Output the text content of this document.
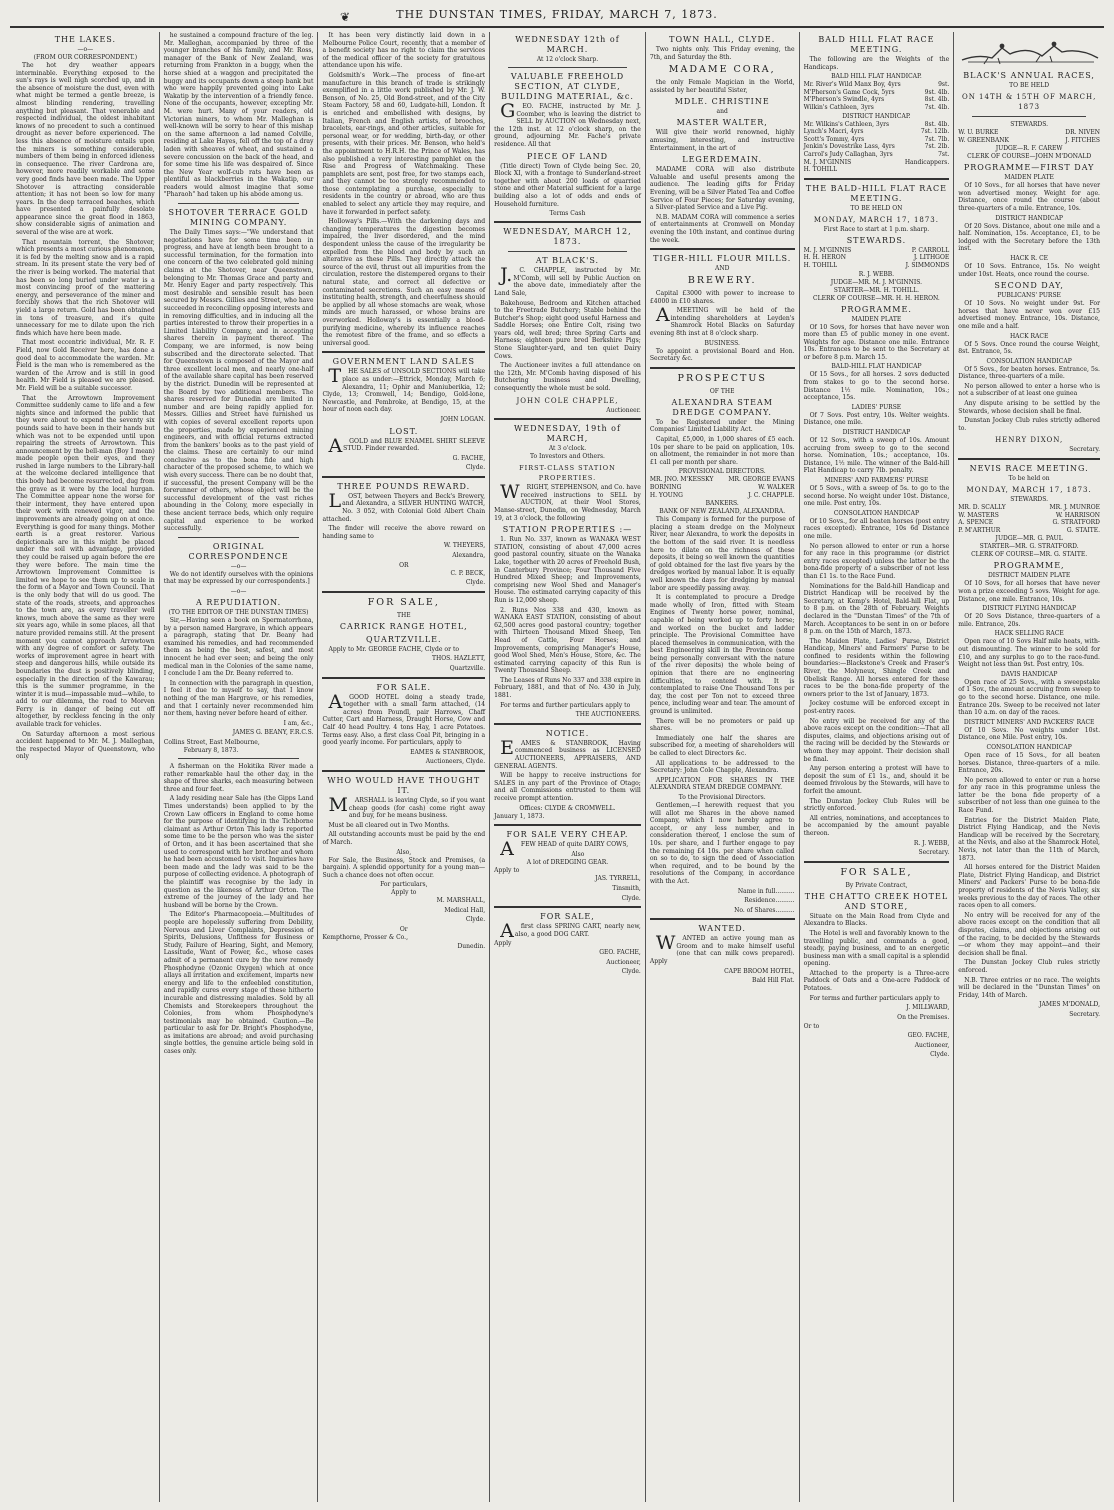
❦	THE DUNSTAN TIMES, FRIDAY, MARCH 7, 1873.
THE LAKES.
—o—
(FROM OUR CORRESPONDENT.)

The hot dry weather appears interminable. Everything exposed to the sun's rays is well nigh scorched up, and in the absence of moisture the dust, even with what might be termed a gentle breeze, is almost blinding rendering, travelling anything but pleasant. That venerable and respected individual, the oldest inhabitant knows of no precedent to such a continued drought as never before experienced. The less this absence of moisture entails upon the miners is something considerable, numbers of them being in enforced idleness in consequence. The river Cardrona are, however, more readily workable and some very good finds have been made. The Upper Shotover is attracting considerable attention; it has not been so low for many years. In the deep terraced beaches, which have presented a painfully desolate appearance since the great flood in 1863, show considerable signs of animation and several of the wise are at work.

That mountain torrent, the Shotover, which presents a most curious phenomenon, it is fed by the melting snow and is a rapid stream. In its present state the very bed of the river is being worked. The material that has been so long buried under water is a most convincing proof of the mattering energy, and perseverance of the miner and forcibly shows that the rich Shotover will yield a large return. Gold has been obtained in tons of treasure, and it's quite unnecessary for me to dilate upon the rich finds which have here been made.

That most eccentric individual, Mr. R. F. Field, now Gold Receiver here, has done a good deal to accommodate the warden. Mr. Field is the man who is remembered as the warden of the Arrow and is still in good health. Mr Field is pleased we are pleased. Mr. Field will be a suitable successor.

That the Arrowtown Improvement Committee suddenly came to life and a few nights since and informed the public that they were about to expend the seventy six pounds said to have been in their hands but which was not to be expended until upon repairing the streets of Arrowtown. This announcement by the bell-man (Boy I mean) made people open their eyes, and they rushed in large numbers to the Library-hall at the welcome declared intelligence that this body had become resurrected, dug from the grave as it were by the local hurgan. The Committee appear none the worse for their interment, they have entered upon their work with renewed vigor, and the improvements are already going on at once. Everything is good for many things. Mother earth is a great restorer. Various depictionals are in this might be placed under the soil with advantage, provided they could be raised up again before the ere they were before. The main time the Arrowtown Improvement Committee is limited we hope to see them up to scale in the form of a Mayor and Town Council. That is the only body that will do us good. The state of the roads, streets, and approaches to the town are, as every traveller well knows, much above the same as they were six years ago, while in some places, all that nature provided remains still. At the present moment you cannot approach Arrowtown with any degree of comfort or safety. The works of improvement agree in heart with steep and dangerous hills, while outside its boundaries the dust is positively blinding, especially in the direction of the Kawarau; this is the summer programme, in the winter it is mud—impassable mud—while, to add to our dilemma, the road to Morven Ferry is in danger of being cut off altogether, by reckless fencing in the only available track for vehicles.

On Saturday afternoon a most serious accident happened to Mr. M. J. Malleghan, the respected Mayor of Queenstown, who only

he sustained a compound fracture of the leg. Mr. Malleghan, accompanied by three of the younger branches of his family, and Mr. Ross, manager of the Bank of New Zealand, was returning from Frankton in a buggy, when the horse shied at a waggon and precipitated the buggy and its occupants down a steep bank but who were happily prevented going into Lake Wakatip by the intervention of a friendly fence. None of the occupants, however, excepting Mr. M. were hurt. Many of your readers, old Victorian miners, to whom Mr. Malleghan is well-known will be sorry to hear of this mishap on the same afternoon a lad named Colville, residing at Lake Hayes, fell off the top of a dray laden with sheaves of wheat, and sustained a severe concussion on the back of the head, and for some time his life was despaired of. Since the New Year wolf-cub rats have been as plentiful as blackberries in the Wakatip, our readers would almost imagine that some "Pharaoh" had taken up his abode among us.

SHOTOVER TERRACE GOLD MINING COMPANY.

The Daily Times says:—"We understand that negotiations have for some time been in progress, and have at length been brought to a successful termination, for the formation into one concern of the two celebrated gold mining claims at the Shotover, near Queenstown, belonging to Mr. Thomas Grace and party and Mr. Henry Eager and party respectively. This most desirable and sensible result has been secured by Messrs. Gillies and Street, who have succeeded in reconciling opposing interests and in removing difficulties, and in inducing all the parties interested to throw their properties in a Limited Liability Company, and in accepting shares therein in payment thereof. The Company, we are informed, is now being subscribed and the directorate selected. That for Queenstown is composed of the Mayor and three excellent local men, and nearly one-half of the available share capital has been reserved by the district. Dunedin will be represented at the Board by two additional members. The shares reserved for Dunedin are limited in number and are being rapidly applied for. Messrs. Gillies and Street have furnished us with copies of several excellent reports upon the properties, made by experienced mining engineers, and with official returns extracted from the bankers' books as to the past yield of the claims. These are certainly to our mind conclusive as to the bona fide and high character of the proposed scheme, to which we wish every success. There can be no doubt that, if successful, the present Company will be the forerunner of others, whose object will be the successful development of the vast riches abounding in the Colony, more especially in these ancient terrace beds, which only require capital and experience to be worked successfully.

ORIGINAL CORRESPONDENCE
—o—

We do not identify ourselves with the opinions that may be expressed by our correspondents.]

—o—
A REPUDIATION.
(TO THE EDITOR OF THE DUNSTAN TIMES)

Sir,—Having seen a book on Spermatorrhœa, by a person named Hargrave, in which appears a paragraph, stating that Dr. Beany had examined his remedies, and had recommended them as being the best, safest, and most innocent he had ever seen; and being the only medical man in the Colonies of the same name, I conclude I am the Dr. Beany referred to.

In connection with the paragraph in question, I feel it due to myself to say, that I know nothing of the man Hargrave, or his remedies, and that I certainly never recommended him nor them, having never before heard of either.

I am, &c.,
JAMES G. BEANY, F.R.C.S.
Collins Street, East Melbourne,
February 8, 1873.

A fisherman on the Hokitika River made a rather remarkable haul the other day, in the shape of three sharks, each measuring between three and four feet.

A lady residing near Sale has (the Gipps Land Times understands) been applied to by the Crown Law officers in England to come home for the purpose of identifying in the Tichborne claimant as Arthur Orton This lady is reported some time to be the person who was the sister of Orton, and it has been ascertained that she used to correspond with her brother and whom he had been accustomed to visit. Inquiries have been made and the lady was said to be the purpose of collecting evidence. A photograph of the plaintiff was recognise by the lady in question as the likeness of Arthur Orton. The extreme of the journey of the lady and her husband will be borne by the Crown.

The Editor's Pharmacopoeia.—Multitudes of people are hopelessly suffering from Debility, Nervous and Liver Complaints, Depression of Spirits, Delusions, Unfitness for Business or Study, Failure of Hearing, Sight, and Memory, Lassitude, Want of Power, &c., whose cases admit of a permanent cure by the new remedy Phosphodyne (Ozonic Oxygen) which at once allays all irritation and excitement, imparts new energy and life to the enfeebled constitution, and rapidly cures every stage of these hitherto incurable and distressing maladies. Sold by all Chemists and Storekeepers throughout the Colonies, from whom Phosphodyne's testimonials may be obtained. Caution.—Be particular to ask for Dr. Bright's Phosphodyne, as imitations are abroad; and avoid purchasing single bottles, the genuine article being sold in cases only.

It has been very distinctly laid down in a Melbourne Police Court, recently, that a member of a benefit society has no right to claim the services of the medical officer of the society for gratuitous attendance upon his wife.

Goldsmith's Work.—The process of fine-art manufacture in this branch of trade is strikingly exemplified in a little work published by Mr. J. W. Benson, of No. 25, Old Bond-street, and of the City Steam Factory, 58 and 60, Ludgate-hill, London. It is enriched and embellished with designs, by Italian, French and English artists, of brooches, bracelets, ear-rings, and other articles, suitable for personal wear, or for wedding, birth-day, or other presents, with their prices. Mr. Benson, who held's the appointment to H.R.H. the Prince of Wales, has also published a very interesting pamphlet on the Rise and Progress of Watchmaking. These pamphlets are sent, post free, for two stamps each, and they cannot be too strongly recommended to those contemplating a purchase, especially to residents in the country or abroad, who are thus enabled to select any article they may require, and have it forwarded in perfect safety.

Holloway's Pills.—With the darkening days and changing temperatures the digestion becomes impaired, the liver disordered, and the mind despondent unless the cause of the irregularity be expelled from the blood and body by such an alterative as these Pills. They directly attack the source of the evil, thrust out all impurities from the circulation, restore the distempered organs to their natural state, and correct all defective or contaminated secretions. Such an easy means of instituting health, strength, and cheerfulness should be applied by all whose stomachs are weak, whose minds are much harassed, or whose brains are overworked. Holloway's is essentially a blood-purifying medicine, whereby its influence reaches the remotest fibre of the frame, and so effects a universal good.

GOVERNMENT LAND SALES

THE SALES of UNSOLD SECTIONS will take place as under:—Ettrick, Monday, March 6; Alexandra, 11; Ophir and Maniuberikia, 12; Clyde, 13; Cromwell, 14; Bendigo, Gold-lone, Newcastle, and Pembroke, at Bendigo, 15, at the hour of noon each day.

JOHN LOGAN.
LOST.

AGOLD and BLUE ENAMEL SHIRT SLEEVE STUD. Finder rewarded.

G. FACHE,
Clyde.
THREE POUNDS REWARD.

LOST, between Theyers and Beck's Brewery, and Alexandra, a SILVER HUNTING WATCH, No. 3 052, with Colonial Gold Albert Chain attached.

The finder will receive the above reward on handing same to

W. THEYERS,
Alexandra,
OR
C. P. BECK,
Clyde.
FOR SALE,
THE
CARRICK RANGE HOTEL,
QUARTZVILLE.

Apply to Mr. GEORGE FACHE, Clyde or to

THOS. HAZLETT,
Quartzville.
FOR SALE.

AGOOD HOTEL doing a steady trade, together with a small farm attached, (14 acres) from Poundl, pair Harrows, Chaff Cutter, Cart and Harness, Draught Horse, Cow and Calf 40 head Poultry. 4 tons Hay, 1 acre Potatoes. Terms easy. Also, a first class Coal Pit, bringing in a good yearly income. For particulars, apply to

EAMES & STANBROOK,
Auctioneers, Clyde.
WHO WOULD HAVE THOUGHT IT.

MARSHALL is leaving Clyde, so if you want cheap goods (for cash) come right away and buy, for he means business.

Must be all cleared out in Two Months.

All outstanding accounts must be paid by the end of March.

Also,

For Sale, the Business, Stock and Premises, (a bargain). A splendid opportunity for a young man—Such a chance does not often occur.

For particulars,
Apply to
M. MARSHALL,
Medical Hall,
Clyde.
Or
Kempthorne, Prosser & Co.,
Dunedin.
WEDNESDAY 12th of MARCH.
At 12 o'clock Sharp.
VALUABLE FREEHOLD SECTION, AT CLYDE, BUILDING MATERIAL, &c.

GEO. FACHE, instructed by Mr. J. Coomber, who is leaving the district to SELL by AUCTION on Wednesday next, the 12th inst. at 12 o'clock sharp, on the ground, adjourning Mr. Fache's private residence. All that

PIECE OF LAND

(Title direct) Town of Clyde being Sec. 20, Block XI, with a frontage to Sunderland-street together with about 200 loads of quarried stone and other Material sufficient for a large building also a lot of odds and ends of Household furniture.

Terms Cash
WEDNESDAY, MARCH 12, 1873.
AT BLACK'S.

J.C. CHAPPLE, instructed by Mr. M'Comb, will sell by Public Auction on the above date, immediately after the Land Sale,

Bakehouse, Bedroom and Kitchen attached to the Freetrade Butchery; Stable behind the Butcher's Shop; eight good useful Harness and Saddle Horses; one Entire Colt, rising two years old, well bred; three Spring Carts and Harness; eighteen pure bred Berkshire Pigs; Stone Slaughter-yard, and ten quiet Dairy Cows.

The Auctioneer invites a full attendance on the 12th, Mr. M'Comb having disposed of his Butchering business and Dwelling, consequently the whole must be sold.

JOHN COLE CHAPPLE,
Auctioneer.
WEDNESDAY, 19th of MARCH,
At 3 o'clock.
To Investors and Others.
FIRST-CLASS STATION PROPERTIES.

WRIGHT, STEPHENSON, and Co. have received instructions to SELL by AUCTION, at their Wool Stores, Manse-street, Dunedin, on Wednesday, March 19, at 3 o'clock, the following

STATION PROPERTIES :—

1. Run No. 337, known as WANAKA WEST STATION, consisting of about 47,000 acres good pastoral country, situate on the Wanaka Lake, together with 20 acres of Freehold Bush, in Canterbury Province; Four Thousand Five Hundred Mixed Sheep; and Improvements, comprising new Wool Shed and Manager's House. The estimated carrying capacity of this Run is 12,000 sheep.

2. Runs Nos 338 and 430, known as WANAKA EAST STATION, consisting of about 62,500 acres good pastoral country; together with Thirteen Thousand Mixed Sheep, Ten Head of Cattle, Four Horses; and Improvements, comprising Manager's House, good Wool Shed, Men's House, Store, &c. The estimated carrying capacity of this Run is Twenty Thousand Sheep.

The Leases of Runs No 337 and 338 expire in February, 1881, and that of No. 430 in July, 1881.

For terms and further particulars apply to

THE AUCTIONEERS.
NOTICE.

EAMES & STANBROOK, Having commenced business as LICENSED AUCTIONEERS, APPRAISERS, AND GENERAL AGENTS.

Will be happy to receive instructions for SALES in any part of the Province of Otago; and all Commissions entrusted to them will receive prompt attention.

Offices: CLYDE & CROMWELL.
January 1, 1873.
FOR SALE VERY CHEAP.

AFEW HEAD of quite DAIRY COWS,

Also
A lot of DREDGING GEAR.
Apply to
JAS. TYRRELL,
Tinsmith,
Clyde.
FOR SALE,

Afirst class SPRING CART, nearly new, also, a good DOG CART.

Apply
GEO. FACHE,
Auctioneer,
Clyde.
TOWN HALL, CLYDE.

Two nights only. This Friday evening, the 7th, and Saturday the 8th.

MADAME CORA,

the only Female Magician in the World, assisted by her beautiful Sister,

MDLE. CHRISTINE
and
MASTER WALTER,

Will give their world renowned, highly amusing, interesting, and instructive Entertainment, in the art of

LEGERDEMAIN.

MADAME CORA will also distribute Valuable and useful presents among the audience. The leading gifts for Friday Evening, will be a Silver Plated Tea and Coffee Service of Four Pieces; for Saturday evening, a Silver-plated Service and a Live Pig.

N.B. MADAM CORA will commence a series of entertainments at Cromwell on Monday evening the 10th instant, and continue during the week.

TIGER-HILL FLOUR MILLS.
AND
BREWERY.

Capital £3000 with power to increase to £4000 in £10 shares.

AMEETING will be held of the intending shareholders at Leyden's Shamrock Hotel Blacks on Saturday evening 8th inst at 8 o'clock sharp.

BUSINESS.

To appoint a provisional Board and Hon. Secretary &c.

PROSPECTUS
OF THE
ALEXANDRA STEAM DREDGE COMPANY.

To be Registered under the Mining Companies' Limited Liability Act.

Capital, £5,000, in 1,000 shares of £5 each. 10s per share to be paid on application, 10s. on allotment, the remainder in not more than £1 call per month per share.

PROVISIONAL DIRECTORS.
MR. JNO. M'KESSKY MR. GEORGE EVANS
BORNING	W. WALKER
H. YOUNG	J. C. CHAPPLE.
BANKERS.
BANK OF NEW ZEALAND, ALEXANDRA.

This Company is formed for the purpose of placing a steam dredge on the Molyneux River, near Alexandra, to work the deposits in the bottom of the said river. It is needless here to dilate on the richness of these deposits, it being so well known the quantities of gold obtained for the last five years by the dredges worked by manual labor. It is equally well known the days for dredging by manual labor are speedily passing away.

It is contemplated to procure a Dredge made wholly of Iron, fitted with Steam Engines of Twenty horse power, nominal, capable of being worked up to forty horse; and worked on the bucket and ladder principle. The Provisional Committee have placed themselves in communication, with the best Engineering skill in the Province (some being personally conversant with the nature of the river deposits) the whole being of opinion that there are no engineering difficulties, to contend with. It is contemplated to raise One Thousand Tons per day, the cost per Ton not to exceed three pence, including wear and tear. The amount of ground is unlimited.

There will be no promoters or paid up shares.

Immediately one half the shares are subscribed for, a meeting of shareholders will be called to elect Directors &c.

All applications to be addressed to the Secretary: John Cole Chapple, Alexandra.

APPLICATION FOR SHARES IN THE ALEXANDRA STEAM DREDGE COMPANY.

To the Provisional Directors.

Gentlemen,—I herewith request that you will allot me Shares in the above named Company, which I now hereby agree to accept, or any less number, and in consideration thereof, I enclose the sum of 10s. per share, and I further engage to pay the remaining £4 10s. per share when called on so to do, to sign the deed of Association when required, and to be bound by the resolutions of the Company, in accordance with the Act.

Name in full..........
Residence..........
No. of Shares..........
WANTED.

WANTED an active young man as Groom and to make himself useful (one that can milk cows prepared). Apply

CAPE BROOM HOTEL,
Bald Hill Flat.
BALD HILL FLAT RACE MEETING.

The following are the Weights of the Handicaps.

BALD HILL FLAT HANDICAP.
Mr. River's Wild Manx Boy, 4yrs	9st.
M'Pherson's Game Cock, 5yrs	9st. 4lb.
M'Pherson's Swindle, 4yrs	8st. 4lb.
Wilkin's Cathleen, 3yrs	7st. 4lb.
DISTRICT HANDICAP.
Mr. Wilkins's Cathleen, 3yrs	8st. 4lb.
Lynch's Macri, 4yrs	7st. 12lb.
Scott's Tommy, 4yrs	7st. 7lb.
Jenkin's Dovestrike Lass, 4yrs	7st. 2lb.
Carrol's Judy Callaghan, 3yrs	7st.
M. J. M'GINNIS	Handicappers.
H. TOHILL
THE BALD-HILL FLAT RACE MEETING.
TO BE HELD ON
MONDAY, MARCH 17, 1873.
First Race to start at 1 p.m. sharp.
STEWARDS.
M. J. M'GINNIS	P. CARROLL
H. H. HERON	J. LITHGOE
H. TOHILL	J. SIMMONDS
R. J. WEBB.
JUDGE—MR. M. J. M'GINNIS.
STARTER—MR. H. TOHILL.
CLERK OF COURSE—MR. H. H. HERON.
PROGRAMME.
MAIDEN PLATE

Of 10 Sovs, for horses that have never won more than £5 of public money in one event. Weights for age. Distance one mile. Entrance 10s. Entrances to be sent to the Secretary at or before 8 p.m. March 15.

BALD-HILL FLAT HANDICAP

Of 15 Sovs., for all horses. 2 sovs deducted from stakes to go to the second horse. Distance 1½ mile. Nomination, 10s.; acceptance, 15s.

LADIES' PURSE

Of 7 Sovs. Post entry, 10s. Welter weights. Distance, one mile.

DISTRICT HANDICAP

Of 12 Sovs., with a sweep of 10s. Amount accruing from sweep to go to the second horse. Nomination, 10s.; acceptance, 10s. Distance, 1½ mile. The winner of the Bald-hill Flat Handicap to carry 7lb. penalty.

MINERS' AND FARMERS' PURSE

Of 5 Sovs., with a sweep of 5s. to go to the second horse. No weight under 10st. Distance, one mile. Post entry, 10s.

CONSOLATION HANDICAP

Of 10 Sovs., for all beaten horses (post entry races excepted). Entrance, 10s 6d Distance one mile.

No person allowed to enter or run a horse for any race in this programme (or district entry races excepted) unless the latter be the bona-fide property of a subscriber of not less than £1 1s. to the Race Fund.

Nominations for the Bald-hill Handicap and District Handicap will be received by the Secretary, at Kemp's Hotel, Bald-hill Flat, up to 8 p.m. on the 28th of February. Weights declared in the "Dunstan Times" of the 7th of March. Acceptances to be sent in on or before 8 p.m. on the 15th of March, 1873.

The Maiden Plate, Ladies' Purse, District Handicap, Miners' and Farmers' Purse to be confined to residents within the following boundaries:—Blackstone's Creek and Fraser's River, the Molyneux, Shingle Creek and Obelisk Range. All horses entered for these races to be the bona-fide property of the owners prior to the 1st of January, 1873.

Jockey costume will be enforced except in post-entry races.

No entry will be received for any of the above races except on the condition:—That all disputes, claims, and objections arising out of the racing will be decided by the Stewards or whom they may appoint. Their decision shall be final.

Any person entering a protest will have to deposit the sum of £1 1s., and, should it be deemed frivolous by the Stewards, will have to forfeit the amount.

The Dunstan Jockey Club Rules will be strictly enforced.

All entries, nominations, and acceptances to be accompanied by the amount payable thereon.

R. J. WEBB,
Secretary.
FOR SALE,
By Private Contract,
THE CHATTO CREEK HOTEL AND STORE,

Situate on the Main Road from Clyde and Alexandra to Blacks.

The Hotel is well and favorably known to the travelling public, and commands a good, steady, paying business, and to an energetic business man with a small capital is a splendid opening.

Attached to the property is a Three-acre Paddock of Oats and a One-acre Paddock of Potatoes.

For terms and further particulars apply to

J. MILLWARD,
On the Premises.
Or to
GEO. FACHE,
Auctioneer,
Clyde.
BLACK'S ANNUAL RACES,
TO BE HELD
ON 14TH & 15TH OF MARCH, 1873
STEWARDS.
W. U. BURKE	DR. NIVEN
W. GREENBANK	J. FITCHES
JUDGE—R. F. CAREW
CLERK OF COURSE—JOHN M'DONALD
PROGRAMME—FIRST DAY
MAIDEN PLATE

Of 10 Sovs., for all horses that have never won advertised money. Weight for age. Distance, once round the course (about three-quarters of a mile. Entrance, 10s.

DISTRICT HANDICAP

Of 20 Sovs. Distance, about one mile and a half. Nomination, 15s. Acceptance, £1, to be lodged with the Secretary before the 13th inst.

HACK R. CE

Of 10 Sovs. Entrance, 15s. No weight under 10st. Heats, once round the course.

SECOND DAY,
PUBLICANS' PURSE

Of 10 Sovs. No weight under 9st. For horses that have never won over £15 advertised money. Entrance, 10s. Distance, one mile and a half.

HACK RACE

Of 5 Sovs. Once round the course Weight, 8st. Entrance, 5s.

CONSOLATION HANDICAP

Of 5 Sovs., for beaten horses. Entrance, 5s. Distance, three-quarters of a mile.

No person allowed to enter a horse who is not a subscriber of at least one guinea

Any dispute arising to be settled by the Stewards, whose decision shall be final.

Dunstan Jockey Club rules strictly adhered to.

HENRY DIXON,
Secretary.
NEVIS RACE MEETING.
To be held on
MONDAY, MARCH 17, 1873.
STEWARDS.
MR. D. SCALLY	MR. J. MUNROE
W. MASTERS	W. HARRISON
A. SPENCE	G. STRATFORD
P. M'ARTHUR	G. STAITE.
JUDGE—MR. G. PAUL
STARTER—MR. G. STRATFORD.
CLERK OF COURSE—MR. G. STAITE.
PROGRAMME,
DISTRICT MAIDEN PLATE

Of 10 Sovs, for all horses that have never won a prize exceeding 5 sovs. Weight for age. Distance, one mile. Entrance, 10s.

DISTRICT FLYING HANDICAP

Of 20 Sovs Distance, three-quarters of a mile. Entrance, 20s.

HACK SELLING RACE

Open race of 10 Sovs Half mile heats, with-out dismounting. The winner to be sold for £10, and any surplus to go to the race-fund. Weight not less than 9st. Post entry, 10s.

DAVIS HANDICAP

Open race of 25 Sovs., with a sweepstake of 1 Sov., the amount accruing from sweep to go to the second horse. Distance, one mile. Entrance 20s. Sweep to be received not later than 10 a.m. on day of the races.

DISTRICT MINERS' AND PACKERS' RACE

Of 10 Sovs. No weights under 10st. Distance, one Mile. Post entry, 10s.

CONSOLATION HANDICAP

Open race of 15 Sovs., for all beaten horses. Distance, three-quarters of a mile. Entrance, 20s.

No person allowed to enter or run a horse for any race in this programme unless the latter be the bona fide property of a subscriber of not less than one guinea to the Race Fund.

Entries for the District Maiden Plate, District Flying Handicap, and the Nevis Handicap will be received by the Secretary, at the Nevis, and also at the Shamrock Hotel, Nevis, not later than the 11th of March, 1873.

All horses entered for the District Maiden Plate, District Flying Handicap, and District Miners' and Packers' Purse to be bona-fide property of residents of the Nevis Valley, six weeks previous to the day of races. The other races open to all comers.

No entry will be received for any of the above races except on the condition that all disputes, claims, and objections arising out of the racing, to be decided by the Stewards—or whom they may appoint—and their decision shall be final.

The Dunstan Jockey Club rules strictly enforced.

N.B. Three entries or no race. The weights will be declared in the "Dunstan Times" on Friday, 14th of March.

JAMES M'DONALD,
Secretary.
